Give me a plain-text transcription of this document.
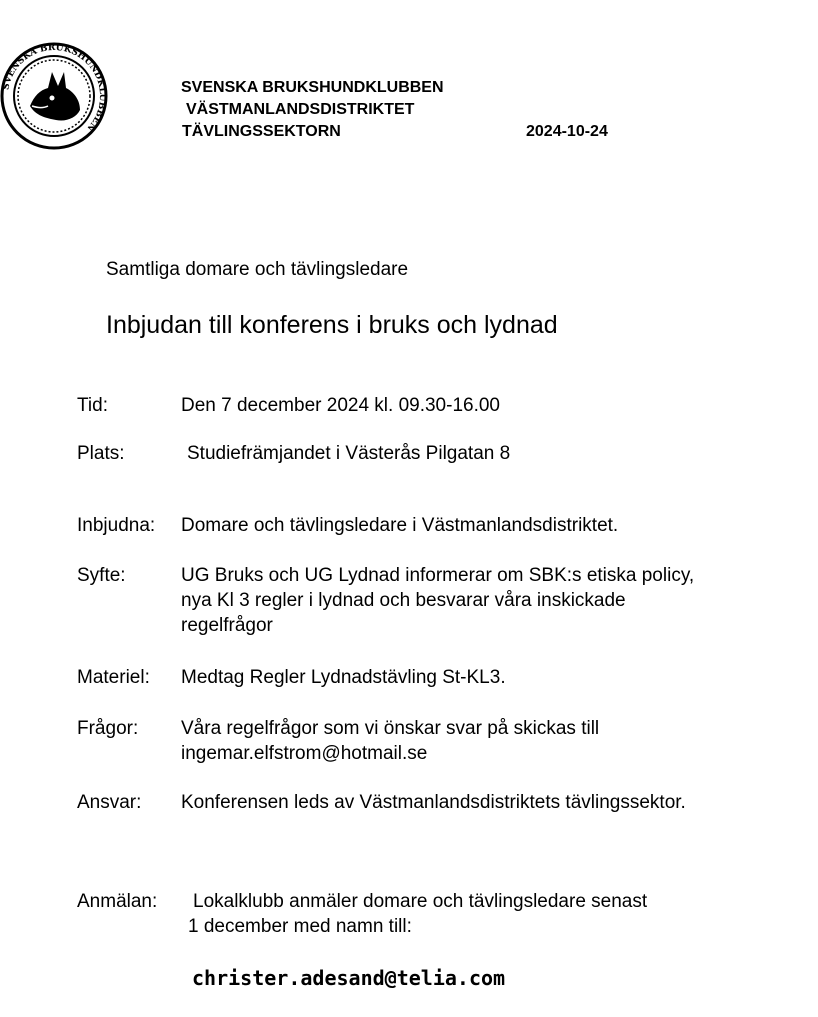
SVENSKA BRUKSHUNDKLUBBEN
SVENSKA BRUKSHUNDKLUBBEN
VÄSTMANLANDSDISTRIKTET
TÄVLINGSSEKTORN	2024-10-24
Samtliga domare och tävlingsledare
Inbjudan till konferens i bruks och lydnad
Tid:	Den 7 december 2024 kl. 09.30-16.00
Plats:	Studiefrämjandet i Västerås Pilgatan 8
Inbjudna: Domare och tävlingsledare i Västmanlandsdistriktet.
Syfte:	UG Bruks och UG Lydnad informerar om SBK:s etiska policy,
nya Kl 3 regler i lydnad och besvarar våra inskickade
regelfrågor
Materiel: Medtag Regler Lydnadstävling St-KL3.
Frågor: Våra regelfrågor som vi önskar svar på skickas till
ingemar.elfstrom@hotmail.se
Ansvar: Konferensen leds av Västmanlandsdistriktets tävlingssektor.
Anmälan: Lokalklubb anmäler domare och tävlingsledare senast
1 december med namn till:
christer.adesand@telia.com
